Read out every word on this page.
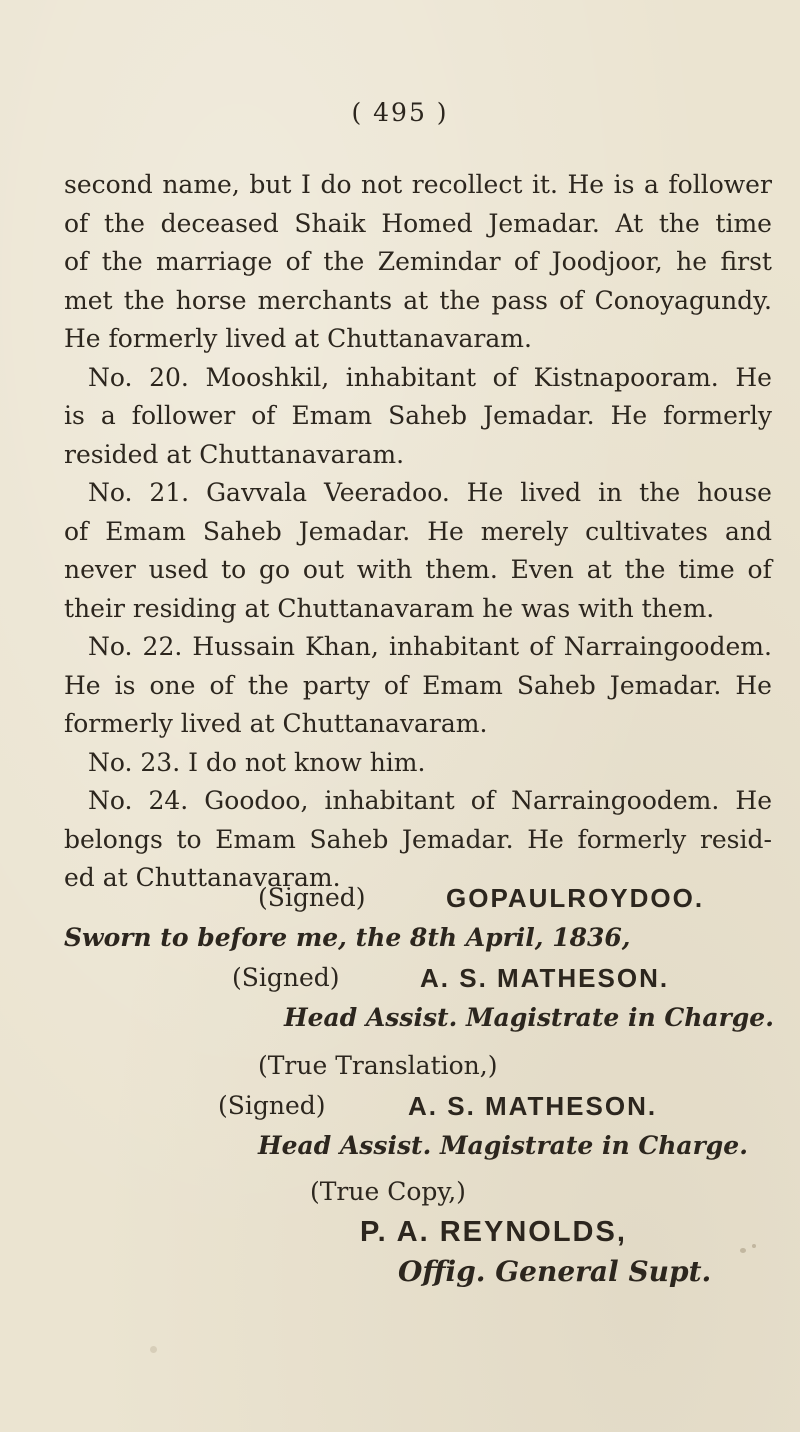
( 495 )
second name, but I do not recollect it. He is a follower
of the deceased Shaik Homed Jemadar. At the time
of the marriage of the Zemindar of Joodjoor, he first
met the horse merchants at the pass of Conoyagundy.
He formerly lived at Chuttanavaram.
No. 20. Mooshkil, inhabitant of Kistnapooram. He
is a follower of Emam Saheb Jemadar. He formerly
resided at Chuttanavaram.
No. 21. Gavvala Veeradoo. He lived in the house
of Emam Saheb Jemadar. He merely cultivates and
never used to go out with them. Even at the time of
their residing at Chuttanavaram he was with them.
No. 22. Hussain Khan, inhabitant of Narraingoodem.
He is one of the party of Emam Saheb Jemadar. He
formerly lived at Chuttanavaram.
No. 23. I do not know him.
No. 24. Goodoo, inhabitant of Narraingoodem. He
belongs to Emam Saheb Jemadar. He formerly resid-
ed at Chuttanavaram.
(Signed)	GOPAULROYDOO.
Sworn to before me, the 8th April, 1836,
(Signed)	A. S. MATHESON.
Head Assist. Magistrate in Charge.
(True Translation,)
(Signed)	A. S. MATHESON.
Head Assist. Magistrate in Charge.
(True Copy,)
P. A. REYNOLDS,
Offig. General Supt.
